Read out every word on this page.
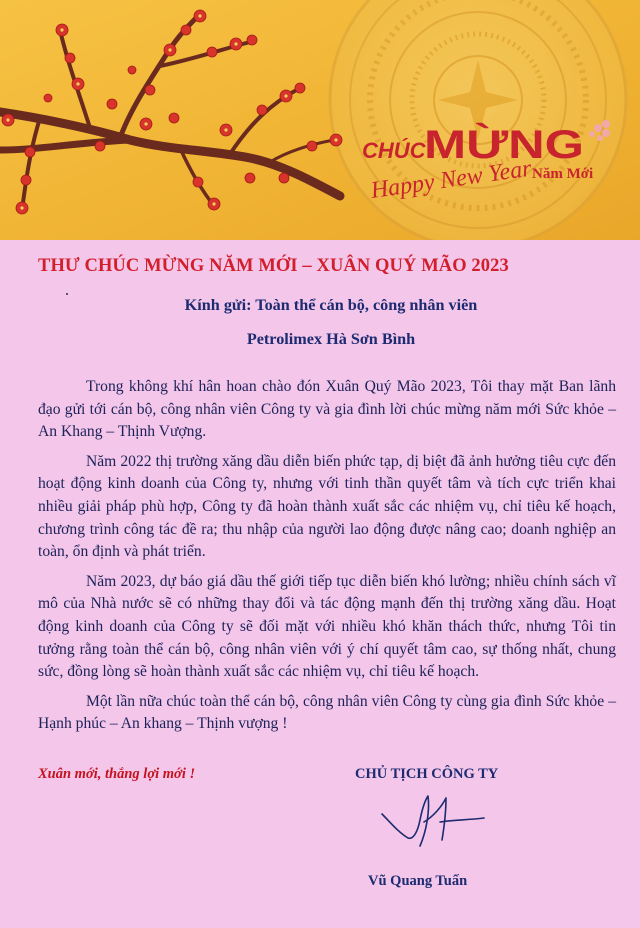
CHÚC
MỪNG
Năm Mới
Happy New Year
THƯ CHÚC MỪNG NĂM MỚI – XUÂN QUÝ MÃO 2023
Kính gửi: Toàn thể cán bộ, công nhân viên
Petrolimex Hà Sơn Bình

Trong không khí hân hoan chào đón Xuân Quý Mão 2023, Tôi thay mặt Ban lãnh đạo gửi tới cán bộ, công nhân viên Công ty và gia đình lời chúc mừng năm mới Sức khỏe – An Khang – Thịnh Vượng.

Năm 2022 thị trường xăng dầu diễn biến phức tạp, dị biệt đã ảnh hưởng tiêu cực đến hoạt động kinh doanh của Công ty, nhưng với tinh thần quyết tâm và tích cực triển khai nhiều giải pháp phù hợp, Công ty đã hoàn thành xuất sắc các nhiệm vụ, chỉ tiêu kế hoạch, chương trình công tác đề ra; thu nhập của người lao động được nâng cao; doanh nghiệp an toàn, ổn định và phát triển.

Năm 2023, dự báo giá dầu thế giới tiếp tục diễn biến khó lường; nhiều chính sách vĩ mô của Nhà nước sẽ có những thay đổi và tác động mạnh đến thị trường xăng dầu. Hoạt động kinh doanh của Công ty sẽ đối mặt với nhiều khó khăn thách thức, nhưng Tôi tin tưởng rằng toàn thể cán bộ, công nhân viên với ý chí quyết tâm cao, sự thống nhất, chung sức, đồng lòng sẽ hoàn thành xuất sắc các nhiệm vụ, chỉ tiêu kế hoạch.

Một lần nữa chúc toàn thể cán bộ, công nhân viên Công ty cùng gia đình Sức khỏe – Hạnh phúc – An khang – Thịnh vượng !

Xuân mới, thắng lợi mới !	CHỦ TỊCH CÔNG TY
Vũ Quang Tuấn
